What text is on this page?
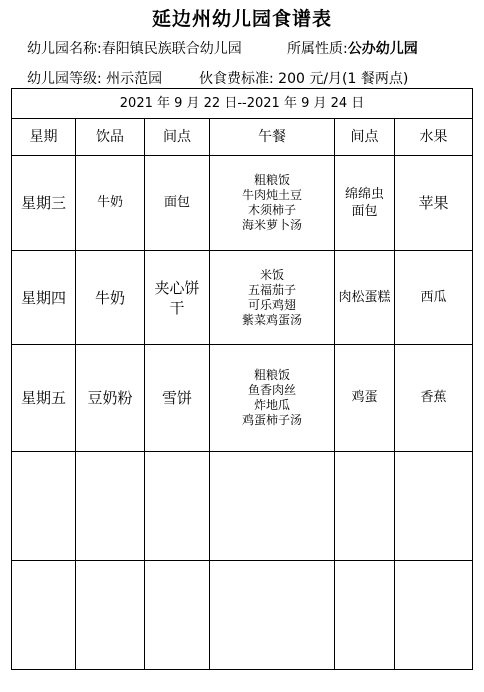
延边州幼儿园食谱表
幼儿园名称:春阳镇民族联合幼儿园	所属性质:公办幼儿园
幼儿园等级: 州示范园	伙食费标准: 200 元/月(1 餐两点)
2021 年 9 月 22 日--2021 年 9 月 24 日					
星期	饮品	间点	午餐	间点	水果
星期三	牛奶	面包	粗粮饭
牛肉炖土豆
木须柿子
海米萝卜汤	绵绵虫面包	苹果
星期四	牛奶	夹心饼干	米饭
五福茄子
可乐鸡翅
紫菜鸡蛋汤	肉松蛋糕	西瓜
星期五	豆奶粉	雪饼	粗粮饭
鱼香肉丝
炸地瓜
鸡蛋柿子汤	鸡蛋	香蕉
